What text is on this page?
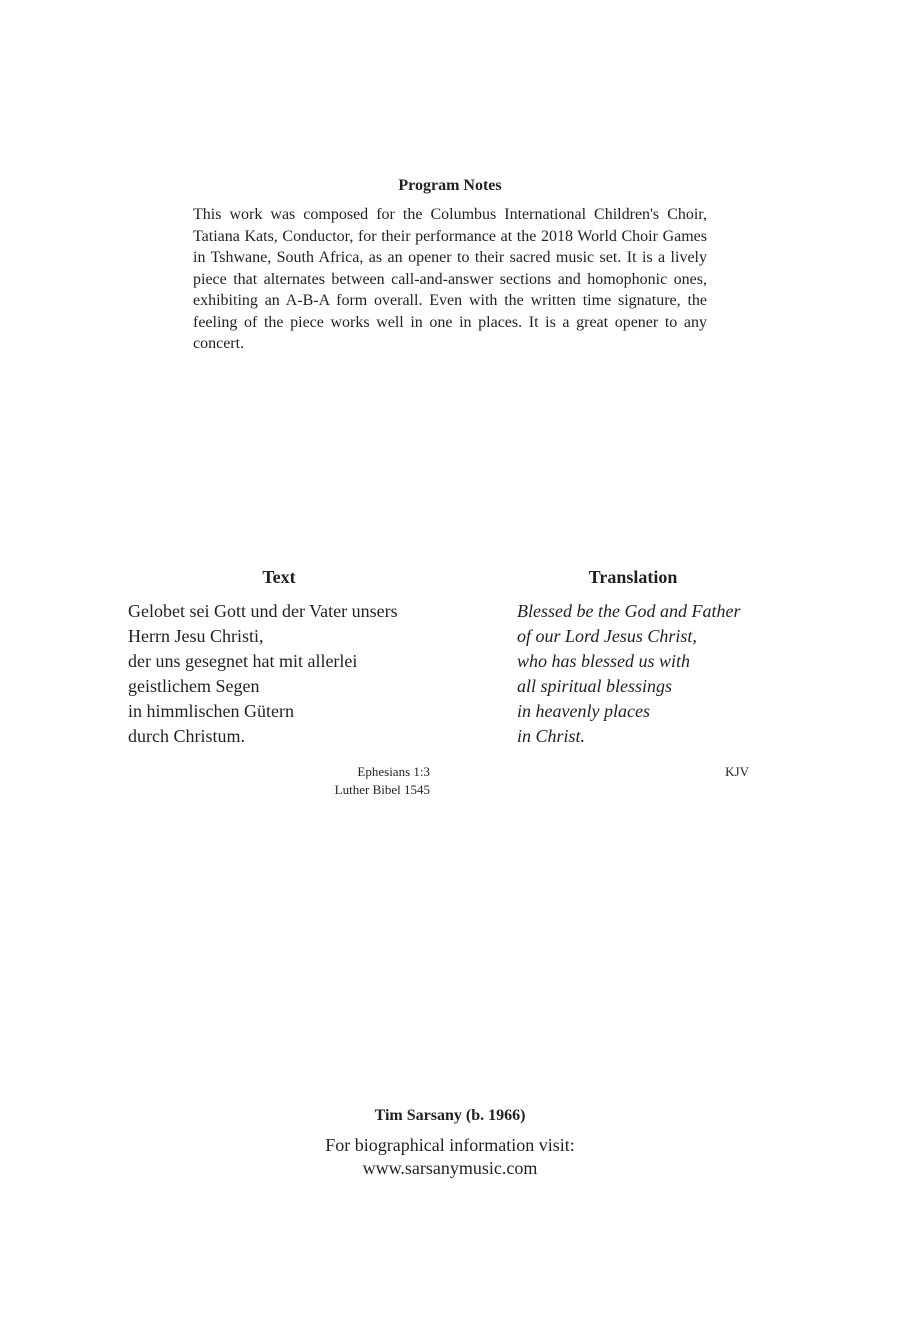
Program Notes

This work was composed for the Columbus International Children's Choir, Tatiana Kats, Conductor, for their performance at the 2018 World Choir Games in Tshwane, South Africa, as an opener to their sacred music set. It is a lively piece that alternates between call-and-answer sections and homophonic ones, exhibiting an A-B-A form overall. Even with the written time signature, the feeling of the piece works well in one in places. It is a great opener to any concert.

Text
Gelobet sei Gott und der Vater unsers
Herrn Jesu Christi,
der uns gesegnet hat mit allerlei
geistlichem Segen
in himmlischen Gütern
durch Christum.
Ephesians 1:3
Luther Bibel 1545
Translation
Blessed be the God and Father
of our Lord Jesus Christ,
who has blessed us with
all spiritual blessings
in heavenly places
in Christ.
KJV
Tim Sarsany (b. 1966)
For biographical information visit:
www.sarsanymusic.com
